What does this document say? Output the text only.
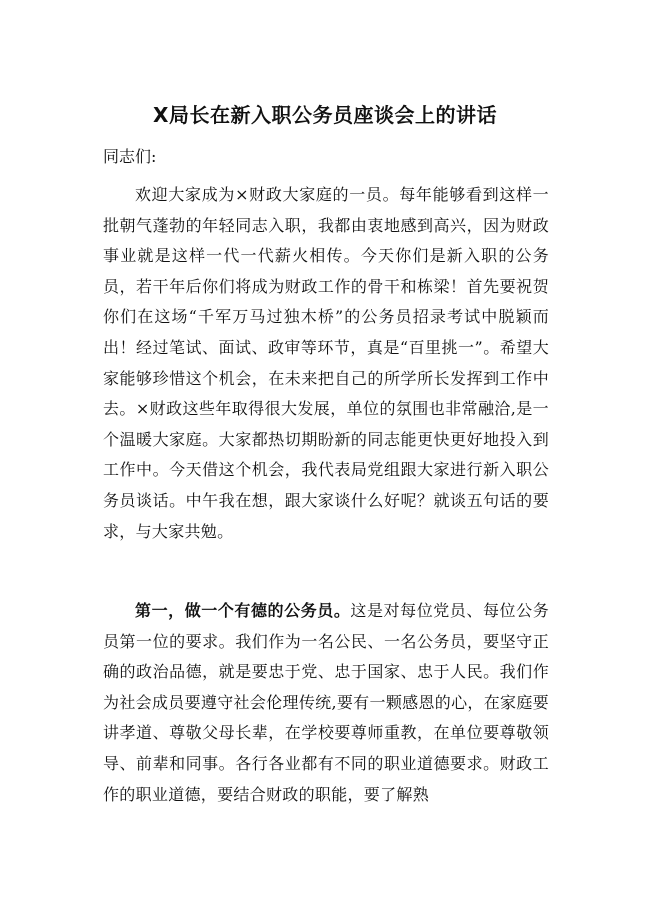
X局长在新入职公务员座谈会上的讲话

同志们:

欢迎大家成为×财政大家庭的一员。每年能够看到这样一批朝气蓬勃的年轻同志入职，我都由衷地感到高兴，因为财政事业就是这样一代一代薪火相传。今天你们是新入职的公务员，若干年后你们将成为财政工作的骨干和栋梁！首先要祝贺你们在这场“千军万马过独木桥”的公务员招录考试中脱颖而出！经过笔试、面试、政审等环节，真是“百里挑一”。希望大家能够珍惜这个机会，在未来把自己的所学所长发挥到工作中去。×财政这些年取得很大发展，单位的氛围也非常融洽,是一个温暖大家庭。大家都热切期盼新的同志能更快更好地投入到工作中。今天借这个机会，我代表局党组跟大家进行新入职公务员谈话。中午我在想，跟大家谈什么好呢？就谈五句话的要求，与大家共勉。

第一，做一个有德的公务员。这是对每位党员、每位公务员第一位的要求。我们作为一名公民、一名公务员，要坚守正确的政治品德，就是要忠于党、忠于国家、忠于人民。我们作为社会成员要遵守社会伦理传统,要有一颗感恩的心，在家庭要讲孝道、尊敬父母长辈，在学校要尊师重教，在单位要尊敬领导、前辈和同事。各行各业都有不同的职业道德要求。财政工作的职业道德，要结合财政的职能，要了解熟
